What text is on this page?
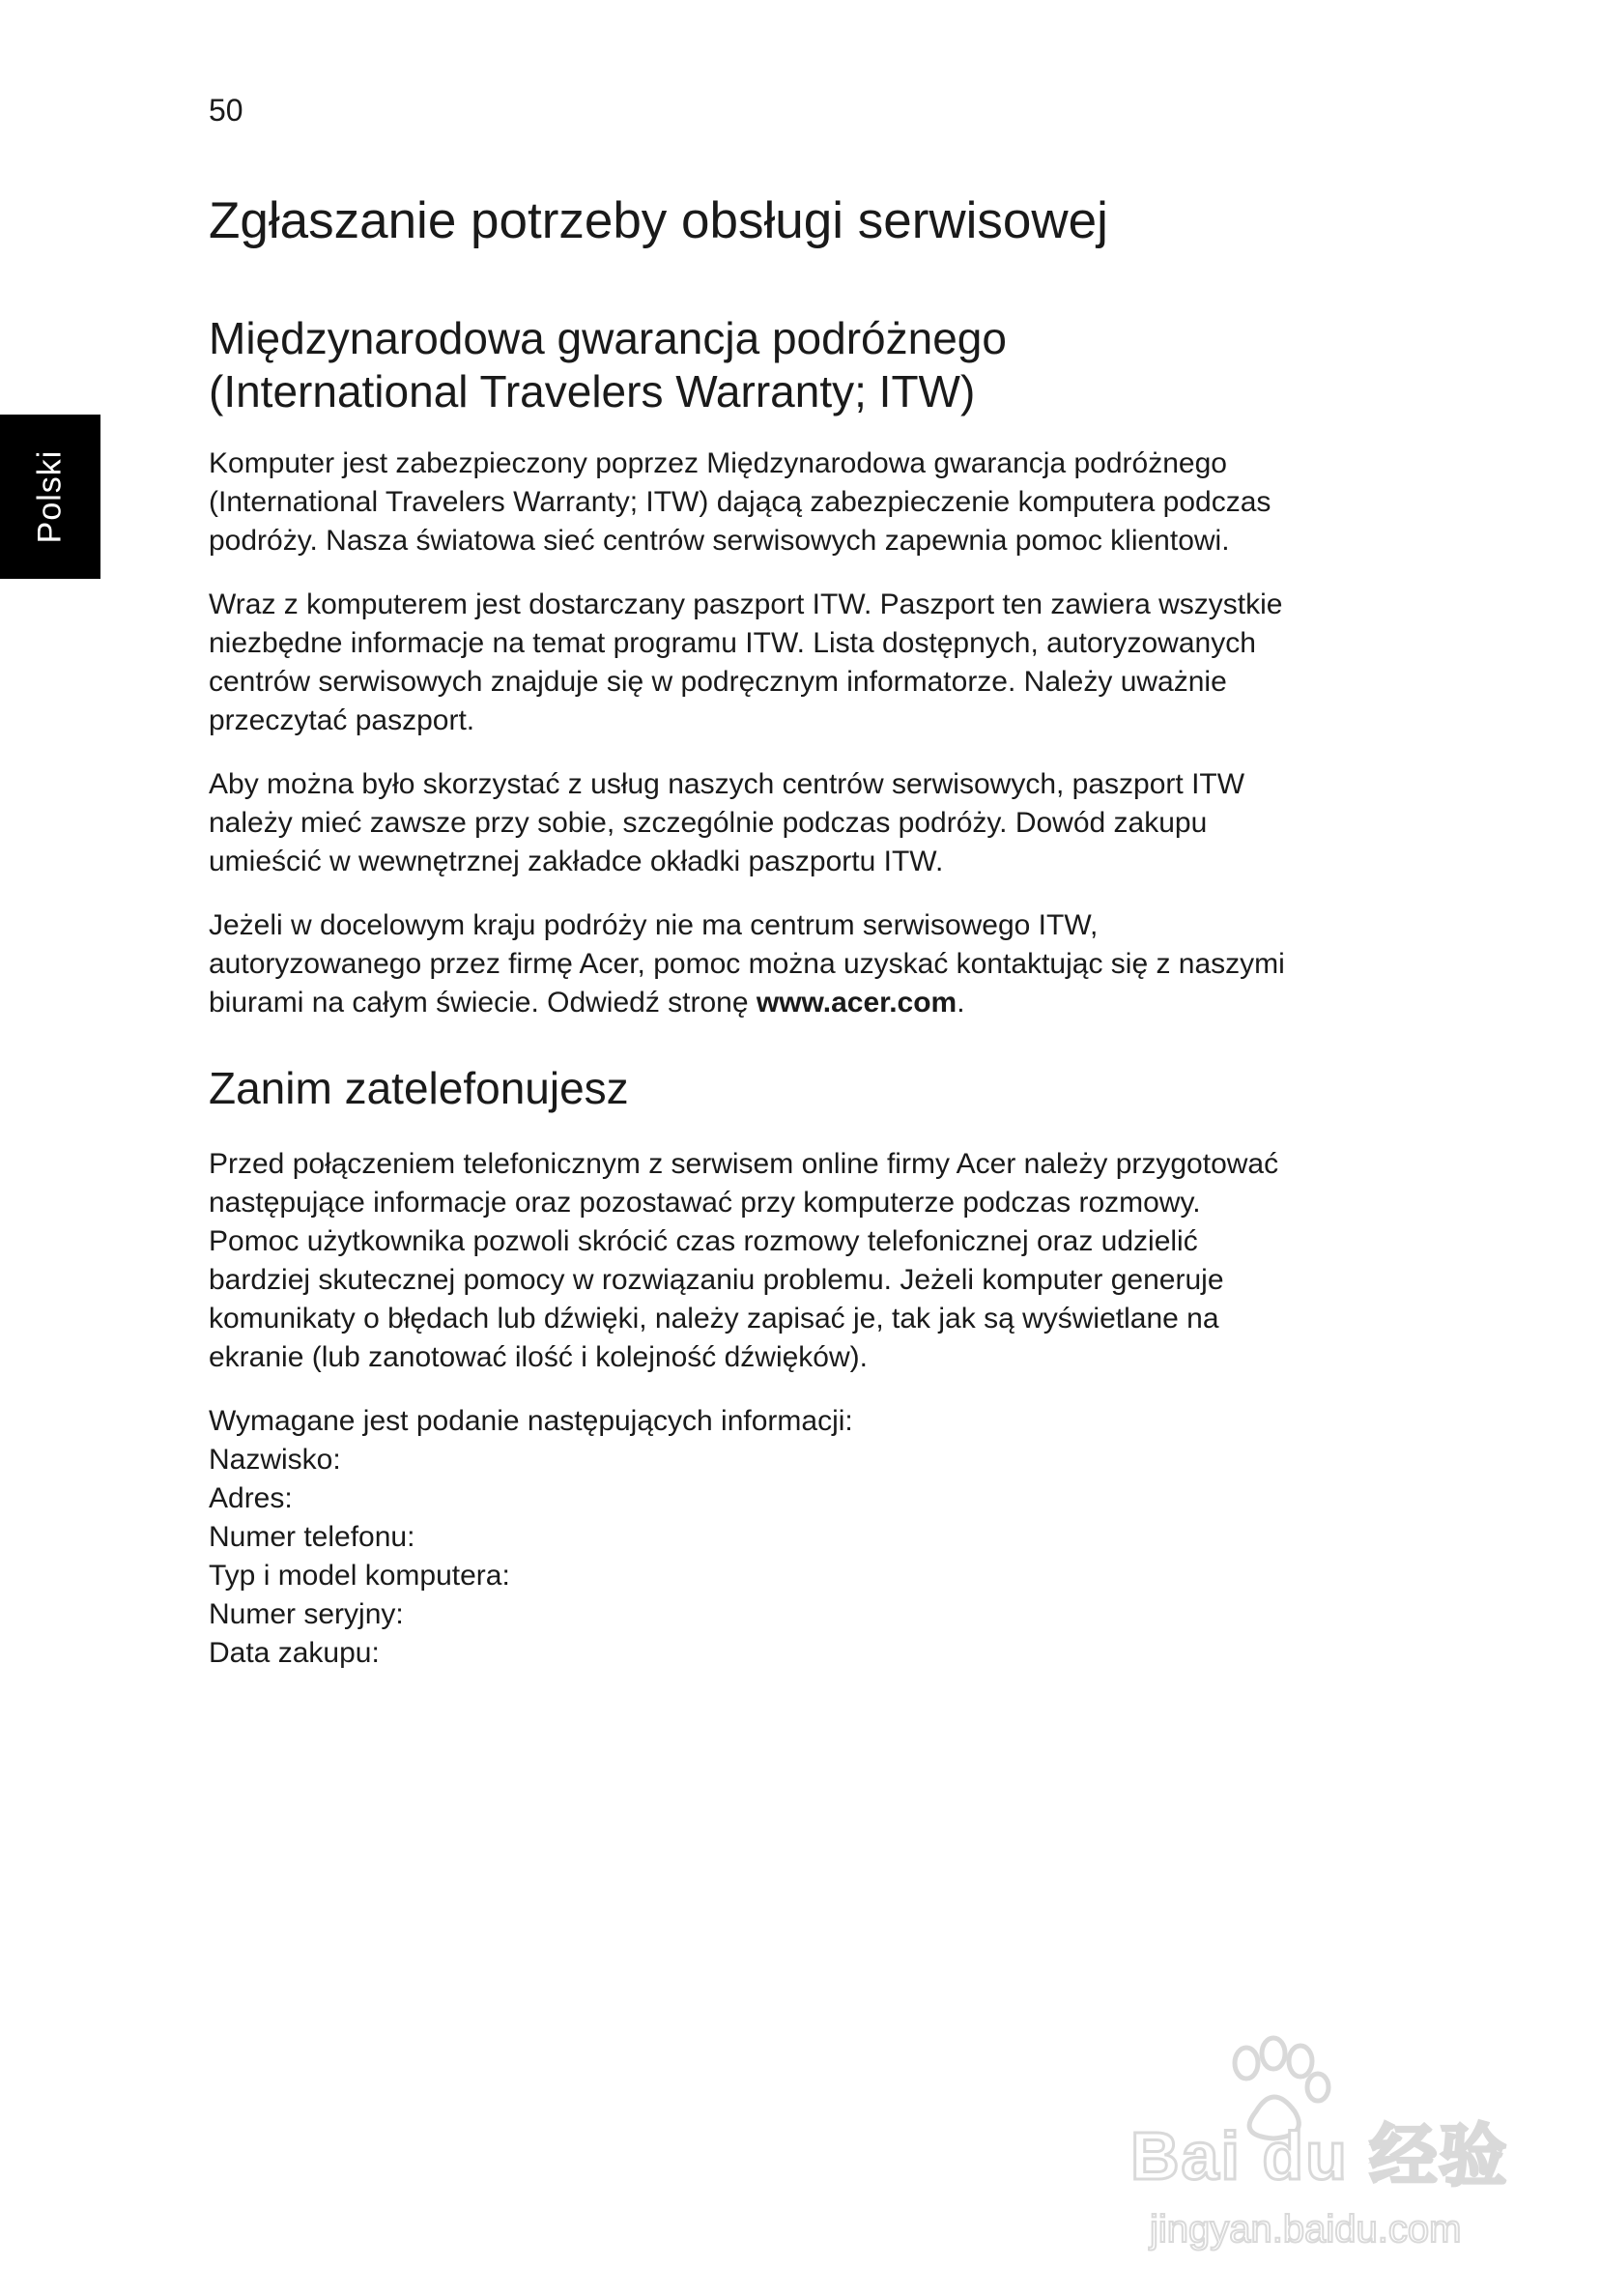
50
Polski
Zgłaszanie potrzeby obsługi serwisowej
Międzynarodowa gwarancja podróżnego
(International Travelers Warranty; ITW)

Komputer jest zabezpieczony poprzez Międzynarodowa gwarancja podróżnego
(International Travelers Warranty; ITW) dającą zabezpieczenie komputera podczas
podróży. Nasza światowa sieć centrów serwisowych zapewnia pomoc klientowi.

Wraz z komputerem jest dostarczany paszport ITW. Paszport ten zawiera wszystkie
niezbędne informacje na temat programu ITW. Lista dostępnych, autoryzowanych
centrów serwisowych znajduje się w podręcznym informatorze. Należy uważnie
przeczytać paszport.

Aby można było skorzystać z usług naszych centrów serwisowych, paszport ITW
należy mieć zawsze przy sobie, szczególnie podczas podróży. Dowód zakupu
umieścić w wewnętrznej zakładce okładki paszportu ITW.

Jeżeli w docelowym kraju podróży nie ma centrum serwisowego ITW,
autoryzowanego przez firmę Acer, pomoc można uzyskać kontaktując się z naszymi
biurami na całym świecie. Odwiedź stronę www.acer.com.

Zanim zatelefonujesz

Przed połączeniem telefonicznym z serwisem online firmy Acer należy przygotować
następujące informacje oraz pozostawać przy komputerze podczas rozmowy.
Pomoc użytkownika pozwoli skrócić czas rozmowy telefonicznej oraz udzielić
bardziej skutecznej pomocy w rozwiązaniu problemu. Jeżeli komputer generuje
komunikaty o błędach lub dźwięki, należy zapisać je, tak jak są wyświetlane na
ekranie (lub zanotować ilość i kolejność dźwięków).

Wymagane jest podanie następujących informacji:
Nazwisko:
Adres:
Numer telefonu:
Typ i model komputera:
Numer seryjny:
Data zakupu:
Bai du 经验
jingyan.baidu.com
